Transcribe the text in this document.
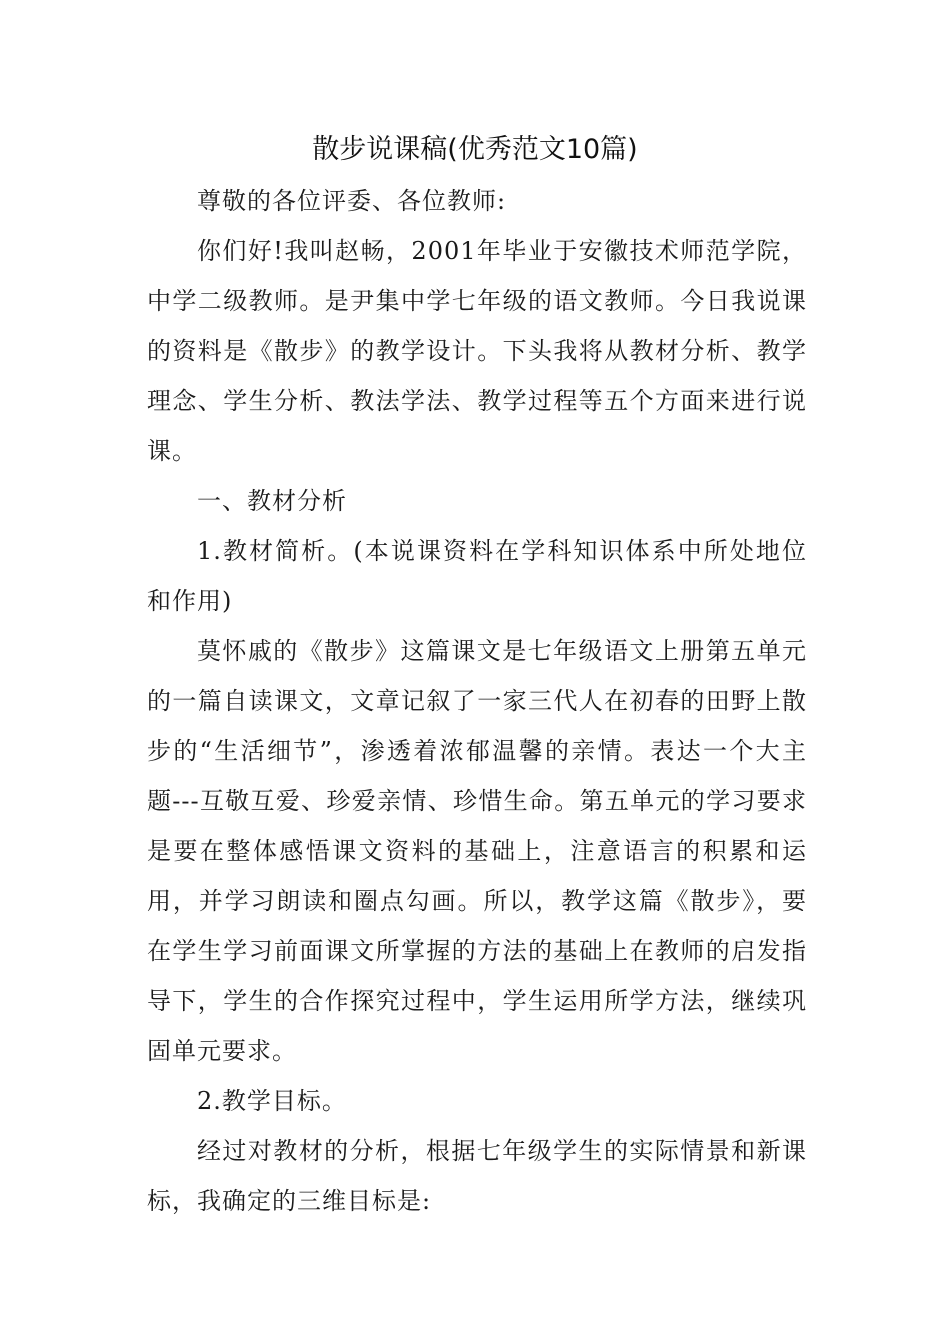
散步说课稿(优秀范文10篇)

尊敬的各位评委、各位教师:

你们好!我叫赵畅，2001年毕业于安徽技术师范学院，中学二级教师。是尹集中学七年级的语文教师。今日我说课的资料是《散步》的教学设计。下头我将从教材分析、教学理念、学生分析、教法学法、教学过程等五个方面来进行说课。

一、教材分析

1.教材简析。(本说课资料在学科知识体系中所处地位和作用)

莫怀戚的《散步》这篇课文是七年级语文上册第五单元的一篇自读课文，文章记叙了一家三代人在初春的田野上散步的“生活细节”，渗透着浓郁温馨的亲情。表达一个大主题---互敬互爱、珍爱亲情、珍惜生命。第五单元的学习要求是要在整体感悟课文资料的基础上，注意语言的积累和运用，并学习朗读和圈点勾画。所以，教学这篇《散步》，要在学生学习前面课文所掌握的方法的基础上在教师的启发指导下，学生的合作探究过程中，学生运用所学方法，继续巩固单元要求。

2.教学目标。

经过对教材的分析，根据七年级学生的实际情景和新课标，我确定的三维目标是:
